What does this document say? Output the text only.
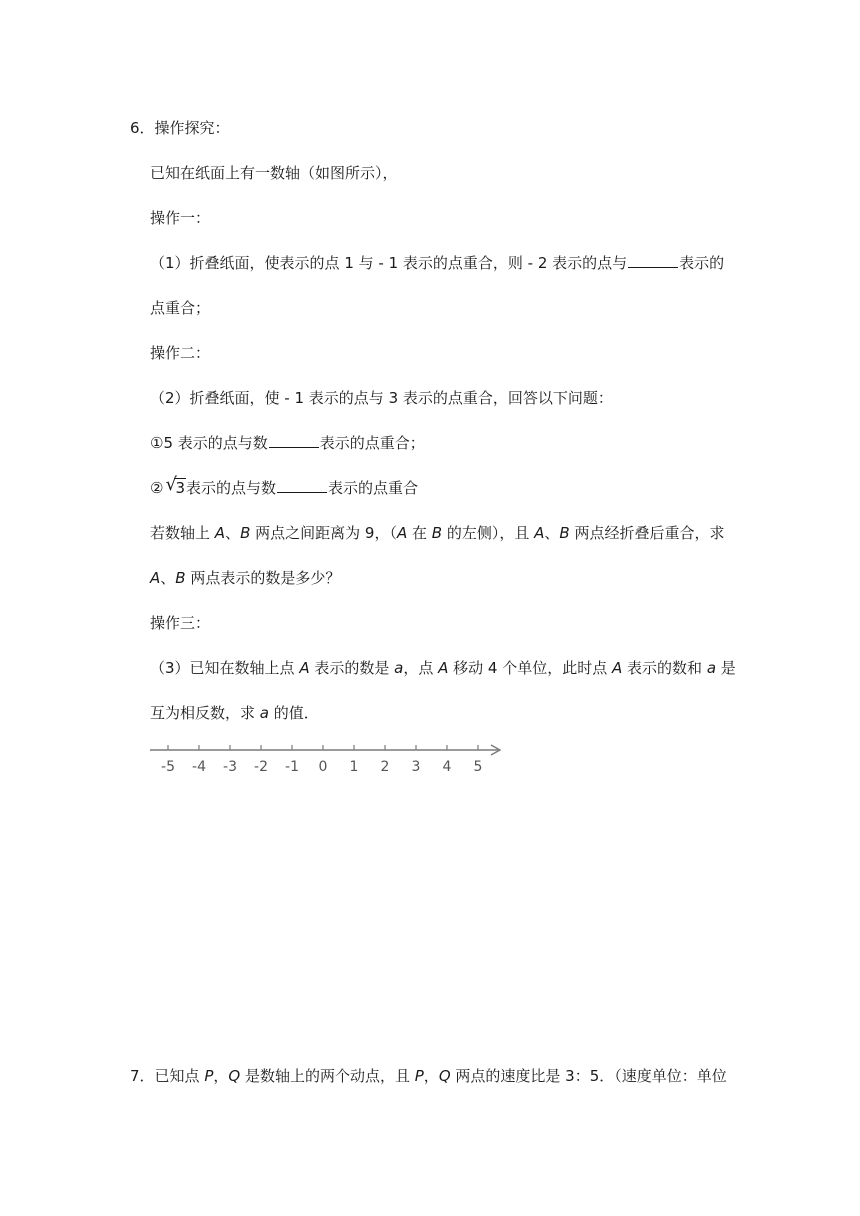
6．操作探究：
已知在纸面上有一数轴（如图所示），
操作一：
（1）折叠纸面，使表示的点 1 与 - 1 表示的点重合，则 - 2 表示的点与	表示的
点重合；
操作二：
（2）折叠纸面，使 - 1 表示的点与 3 表示的点重合，回答以下问题：
①5 表示的点与数	表示的点重合；
② √
3表示的点与数	表示的点重合
若数轴上 A、B 两点之间距离为 9，（A 在 B 的左侧），且 A、B 两点经折叠后重合，求
A、B 两点表示的数是多少？
操作三：
（3）已知在数轴上点 A 表示的数是 a，点 A 移动 4 个单位，此时点 A 表示的数和 a 是
互为相反数，求 a 的值．
-5 -4 -3 -2 -1 0 1 2 3 4 5
7．已知点 P，Q 是数轴上的两个动点，且 P，Q 两点的速度比是 3：5．（速度单位：单位
